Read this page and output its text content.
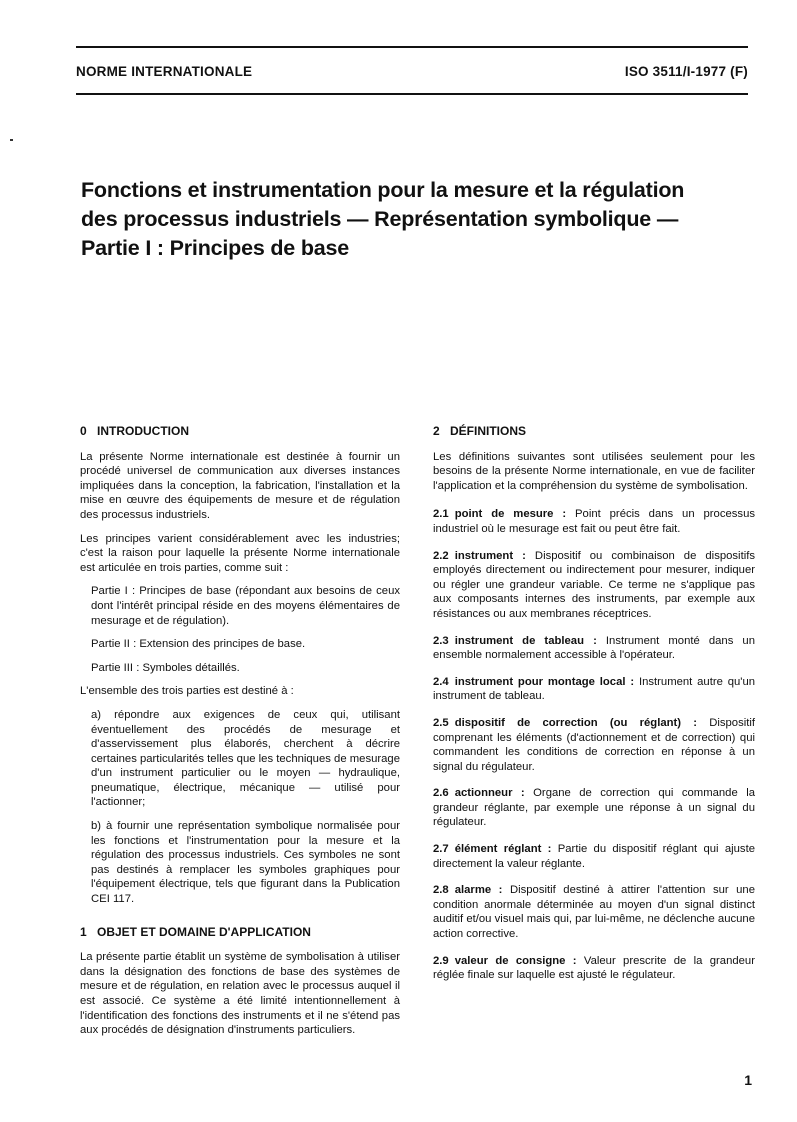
NORME INTERNATIONALE	ISO 3511/I-1977 (F)
Fonctions et instrumentation pour la mesure et la régulation
des processus industriels — Représentation symbolique —
Partie I : Principes de base
0 INTRODUCTION

La présente Norme internationale est destinée à fournir un procédé universel de communication aux diverses instances impliquées dans la conception, la fabrication, l'installation et la mise en œuvre des équipements de mesure et de régulation des processus industriels.

Les principes varient considérablement avec les industries; c'est la raison pour laquelle la présente Norme internationale est articulée en trois parties, comme suit :

Partie I : Principes de base (répondant aux besoins de ceux dont l'intérêt principal réside en des moyens élémentaires de mesurage et de régulation).

Partie II : Extension des principes de base.

Partie III : Symboles détaillés.

L'ensemble des trois parties est destiné à :

a) répondre aux exigences de ceux qui, utilisant éventuellement des procédés de mesurage et d'asservissement plus élaborés, cherchent à décrire certaines particularités telles que les techniques de mesurage d'un instrument particulier ou le moyen — hydraulique, pneumatique, électrique, mécanique — utilisé pour l'actionner;

b) à fournir une représentation symbolique normalisée pour les fonctions et l'instrumentation pour la mesure et la régulation des processus industriels. Ces symboles ne sont pas destinés à remplacer les symboles graphiques pour l'équipement électrique, tels que figurant dans la Publication CEI 117.

1 OBJET ET DOMAINE D'APPLICATION

La présente partie établit un système de symbolisation à utiliser dans la désignation des fonctions de base des systèmes de mesure et de régulation, en relation avec le processus auquel il est associé. Ce système a été limité intentionnellement à l'identification des fonctions des instruments et il ne s'étend pas aux procédés de désignation d'instruments particuliers.

2 DÉFINITIONS

Les définitions suivantes sont utilisées seulement pour les besoins de la présente Norme internationale, en vue de faciliter l'application et la compréhension du système de symbolisation.

2.1 point de mesure : Point précis dans un processus industriel où le mesurage est fait ou peut être fait.

2.2 instrument : Dispositif ou combinaison de dispositifs employés directement ou indirectement pour mesurer, indiquer ou régler une grandeur variable. Ce terme ne s'applique pas aux composants internes des instruments, par exemple aux résistances ou aux membranes réceptrices.

2.3 instrument de tableau : Instrument monté dans un ensemble normalement accessible à l'opérateur.

2.4 instrument pour montage local : Instrument autre qu'un instrument de tableau.

2.5 dispositif de correction (ou réglant) : Dispositif comprenant les éléments (d'actionnement et de correction) qui commandent les conditions de correction en réponse à un signal du régulateur.

2.6 actionneur : Organe de correction qui commande la grandeur réglante, par exemple une réponse à un signal du régulateur.

2.7 élément réglant : Partie du dispositif réglant qui ajuste directement la valeur réglante.

2.8 alarme : Dispositif destiné à attirer l'attention sur une condition anormale déterminée au moyen d'un signal distinct auditif et/ou visuel mais qui, par lui-même, ne déclenche aucune action corrective.

2.9 valeur de consigne : Valeur prescrite de la grandeur réglée finale sur laquelle est ajusté le régulateur.

1
